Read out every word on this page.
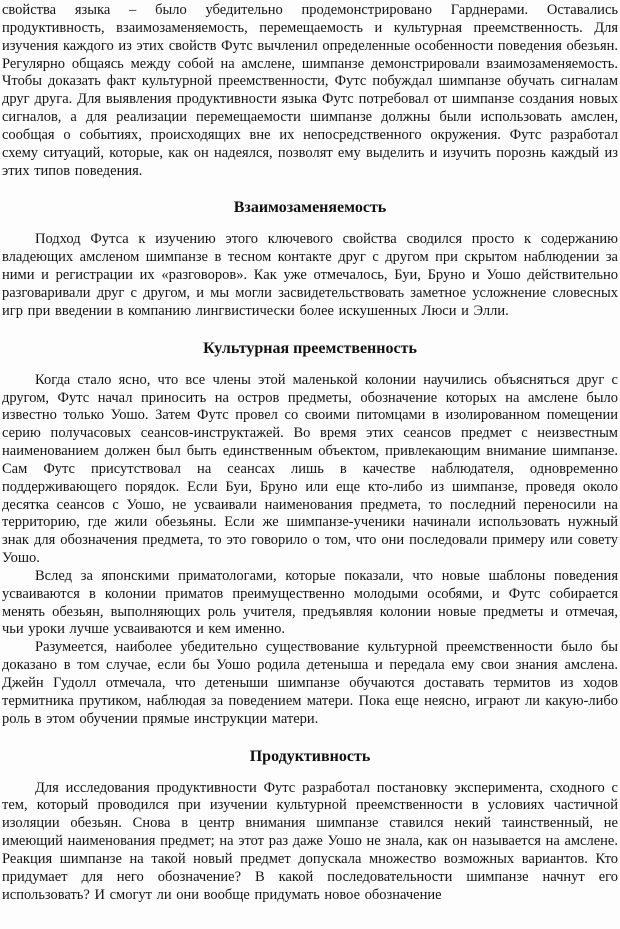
свойства языка – было убедительно продемонстрировано Гарднерами. Оставались продуктивность, взаимозаменяемость, перемещаемость и культурная преемственность. Для изучения каждого из этих свойств Футс вычленил определенные особенности поведения обезьян. Регулярно общаясь между собой на амслене, шимпанзе демонстрировали взаимозаменяемость. Чтобы доказать факт культурной преемственности, Футс побуждал шимпанзе обучать сигналам друг друга. Для выявления продуктивности языка Футс потребовал от шимпанзе создания новых сигналов, а для реализации перемещаемости шимпанзе должны были использовать амслен, сообщая о событиях, происходящих вне их непосредственного окружения. Футс разработал схему ситуаций, которые, как он надеялся, позволят ему выделить и изучить порознь каждый из этих типов поведения.

Взаимозаменяемость

Подход Футса к изучению этого ключевого свойства сводился просто к содержанию владеющих амсленом шимпанзе в тесном контакте друг с другом при скрытом наблюдении за ними и регистрации их «разговоров». Как уже отмечалось, Буи, Бруно и Уошо действительно разговаривали друг с другом, и мы могли засвидетельствовать заметное усложнение словесных игр при введении в компанию лингвистически более искушенных Люси и Элли.

Культурная преемственность

Когда стало ясно, что все члены этой маленькой колонии научились объясняться друг с другом, Футс начал приносить на остров предметы, обозначение которых на амслене было известно только Уошо. Затем Футс провел со своими питомцами в изолированном помещении серию получасовых сеансов-инструктажей. Во время этих сеансов предмет с неизвестным наименованием должен был быть единственным объектом, привлекающим внимание шимпанзе. Сам Футс присутствовал на сеансах лишь в качестве наблюдателя, одновременно поддерживающего порядок. Если Буи, Бруно или еще кто-либо из шимпанзе, проведя около десятка сеансов с Уошо, не усваивали наименования предмета, то последний переносили на территорию, где жили обезьяны. Если же шимпанзе-ученики начинали использовать нужный знак для обозначения предмета, то это говорило о том, что они последовали примеру или совету Уошо.

Вслед за японскими приматологами, которые показали, что новые шаблоны поведения усваиваются в колонии приматов преимущественно молодыми особями, и Футс собирается менять обезьян, выполняющих роль учителя, предъявляя колонии новые предметы и отмечая, чьи уроки лучше усваиваются и кем именно.

Разумеется, наиболее убедительно существование культурной преемственности было бы доказано в том случае, если бы Уошо родила детеныша и передала ему свои знания амслена. Джейн Гудолл отмечала, что детеныши шимпанзе обучаются доставать термитов из ходов термитника прутиком, наблюдая за поведением матери. Пока еще неясно, играют ли какую-либо роль в этом обучении прямые инструкции матери.

Продуктивность

Для исследования продуктивности Футс разработал постановку эксперимента, сходного с тем, который проводился при изучении культурной преемственности в условиях частичной изоляции обезьян. Снова в центр внимания шимпанзе ставился некий таинственный, не имеющий наименования предмет; на этот раз даже Уошо не знала, как он называется на амслене. Реакция шимпанзе на такой новый предмет допускала множество возможных вариантов. Кто придумает для него обозначение? В какой последовательности шимпанзе начнут его использовать? И смогут ли они вообще придумать новое обозначение
